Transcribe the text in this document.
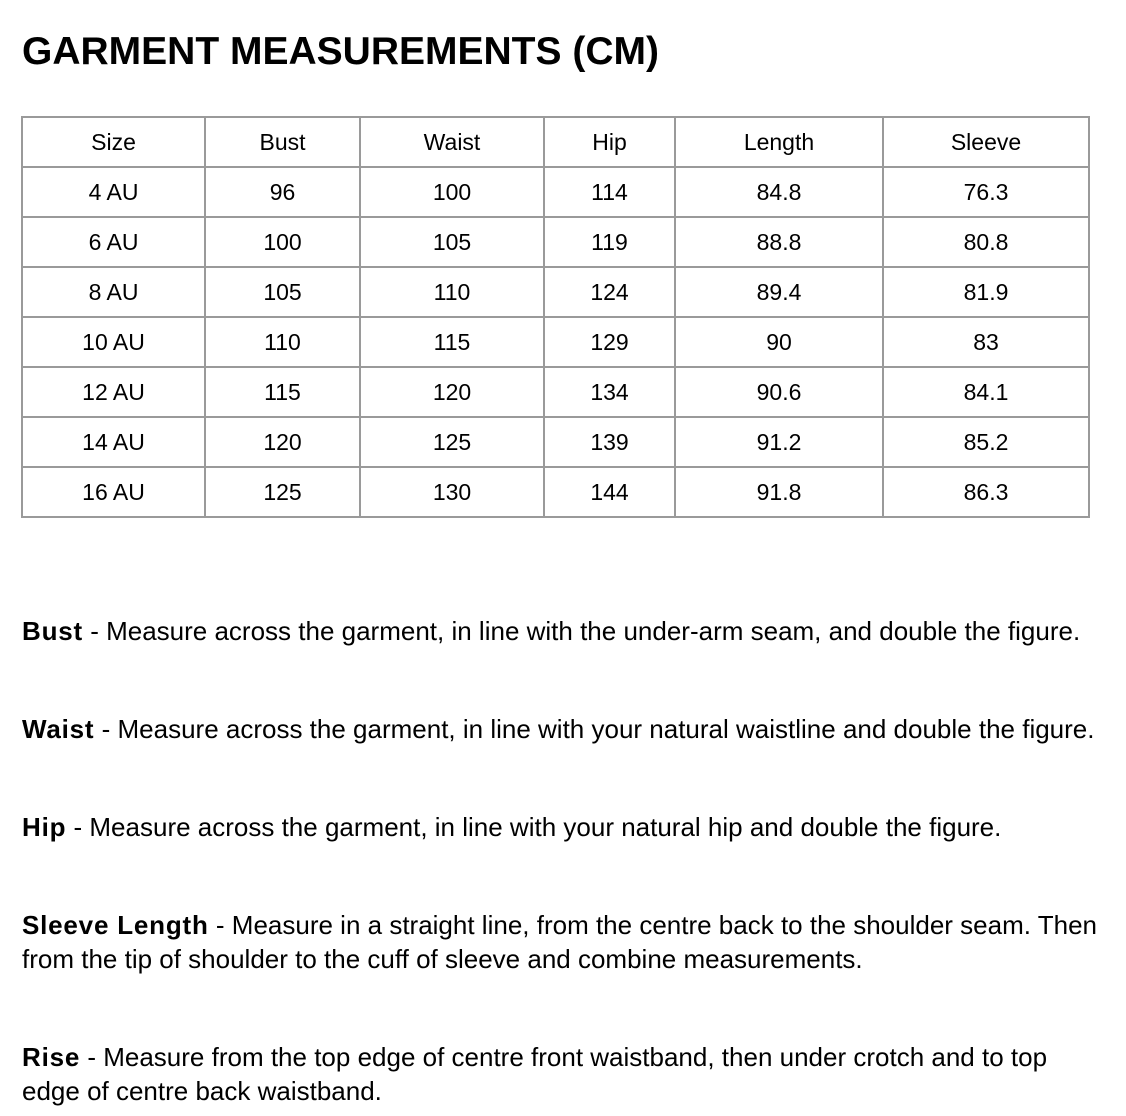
GARMENT MEASUREMENTS (CM)
Size	Bust	Waist	Hip	Length	Sleeve
4 AU	96	100	114	84.8	76.3
6 AU	100	105	119	88.8	80.8
8 AU	105	110	124	89.4	81.9
10 AU	110	115	129	90	83
12 AU	115	120	134	90.6	84.1
14 AU	120	125	139	91.2	85.2
16 AU	125	130	144	91.8	86.3

Bust - Measure across the garment, in line with the under-arm seam, and double the figure.

Waist - Measure across the garment, in line with your natural waistline and double the figure.

Hip - Measure across the garment, in line with your natural hip and double the figure.

Sleeve Length - Measure in a straight line, from the centre back to the shoulder seam. Then from the tip of shoulder to the cuff of sleeve and combine measurements.

Rise - Measure from the top edge of centre front waistband, then under crotch and to top edge of centre back waistband.
